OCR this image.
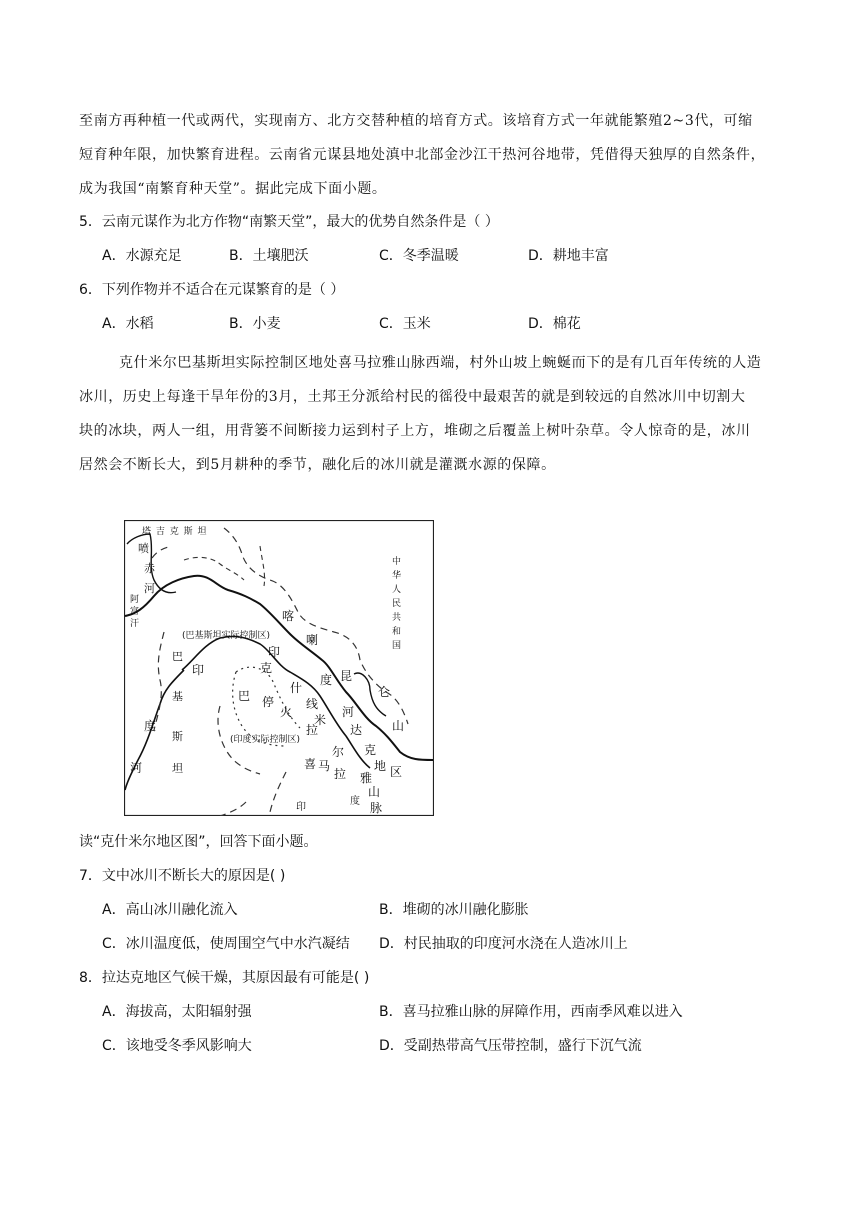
至南方再种植一代或两代，实现南方、北方交替种植的培育方式。该培育方式一年就能繁殖2~3代，可缩
短育种年限，加快繁育进程。云南省元谋县地处滇中北部金沙江干热河谷地带，凭借得天独厚的自然条件，
成为我国“南繁育种天堂”。据此完成下面小题。
5．云南元谋作为北方作物“南繁天堂”，最大的优势自然条件是（ ）
A．水源充足	B．土壤肥沃	C．冬季温暖	D．耕地丰富
6．下列作物并不适合在元谋繁育的是（ ）
A．水稻	B．小麦	C．玉米	D．棉花
克什米尔巴基斯坦实际控制区地处喜马拉雅山脉西端，村外山坡上蜿蜒而下的是有几百年传统的人造
冰川，历史上每逢干旱年份的3月，土邦王分派给村民的徭役中最艰苦的就是到较远的自然冰川中切割大
块的冰块，两人一组，用背篓不间断接力运到村子上方，堆砌之后覆盖上树叶杂草。令人惊奇的是，冰川
居然会不断长大，到5月耕种的季节，融化后的冰川就是灌溉水源的保障。
塔 吉 克 斯 坦
喷
赤
河
阿
富
汗
(巴基斯坦实际控制区)
(印度实际控制区)
中
华
人
民
共
和
国
巴
基
斯
坦
喀
喇
昆
仑
山
印
度
河
印
度
河
克
什
米
尔
巴 停
火
线
拉	达
克
地 区
喜 马
拉 雅
山
脉
印
度
读“克什米尔地区图”，回答下面小题。
7．文中冰川不断长大的原因是( )
A．高山冰川融化流入	B．堆砌的冰川融化膨胀
C．冰川温度低，使周围空气中水汽凝结 D．村民抽取的印度河水浇在人造冰川上
8．拉达克地区气候干燥，其原因最有可能是( )
A．海拔高，太阳辐射强	B．喜马拉雅山脉的屏障作用，西南季风难以进入
C．该地受冬季风影响大	D．受副热带高气压带控制，盛行下沉气流
